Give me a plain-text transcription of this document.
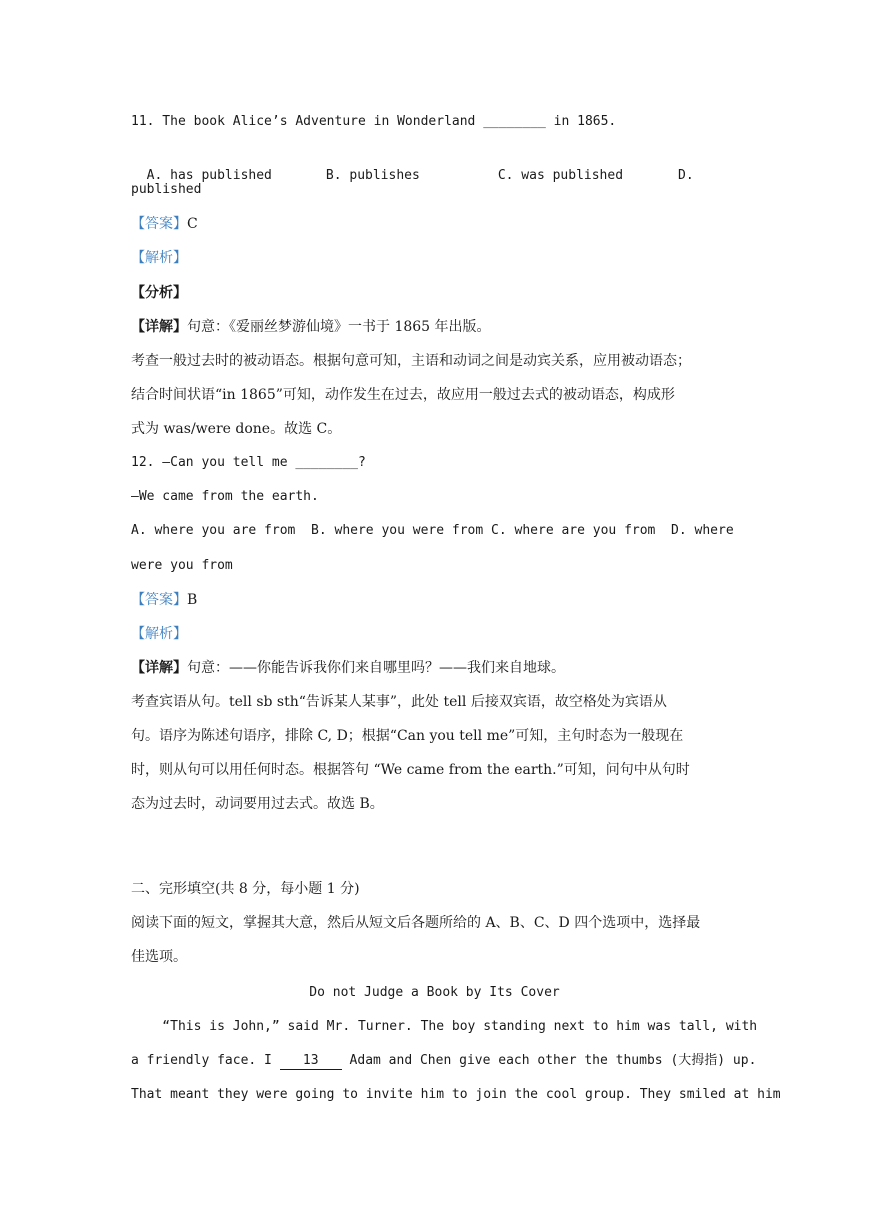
11. The book Alice’s Adventure in Wonderland ________ in 1865.

A. has published	B. publishes	C. was published	D.

published
【答案】C
【解析】
【分析】
【详解】句意：《爱丽丝梦游仙境》一书于 1865 年出版。
考查一般过去时的被动语态。根据句意可知，主语和动词之间是动宾关系，应用被动语态；
结合时间状语“in 1865”可知，动作发生在过去，故应用一般过去式的被动语态，构成形
式为 was/were done。故选 C。
12. —Can you tell me ________?
—We came from the earth.
A. where you are from  B. where you were from C. where are you from  D. where
were you from
【答案】B
【解析】
【详解】句意：——你能告诉我你们来自哪里吗？——我们来自地球。
考查宾语从句。tell sb sth“告诉某人某事”，此处 tell 后接双宾语，故空格处为宾语从
句。语序为陈述句语序，排除 C, D；根据“Can you tell me”可知，主句时态为一般现在
时，则从句可以用任何时态。根据答句 “We came from the earth.”可知，问句中从句时
态为过去时，动词要用过去式。故选 B。
二、完形填空(共 8 分，每小题 1 分)
阅读下面的短文，掌握其大意，然后从短文后各题所给的 A、B、C、D 四个选项中，选择最
佳选项。
Do not Judge a Book by Its Cover
“This is John,” said Mr. Turner. The boy standing next to him was tall, with
a friendly face. I 13 Adam and Chen give each other the thumbs (大拇指) up.
That meant they were going to invite him to join the cool group. They smiled at him
